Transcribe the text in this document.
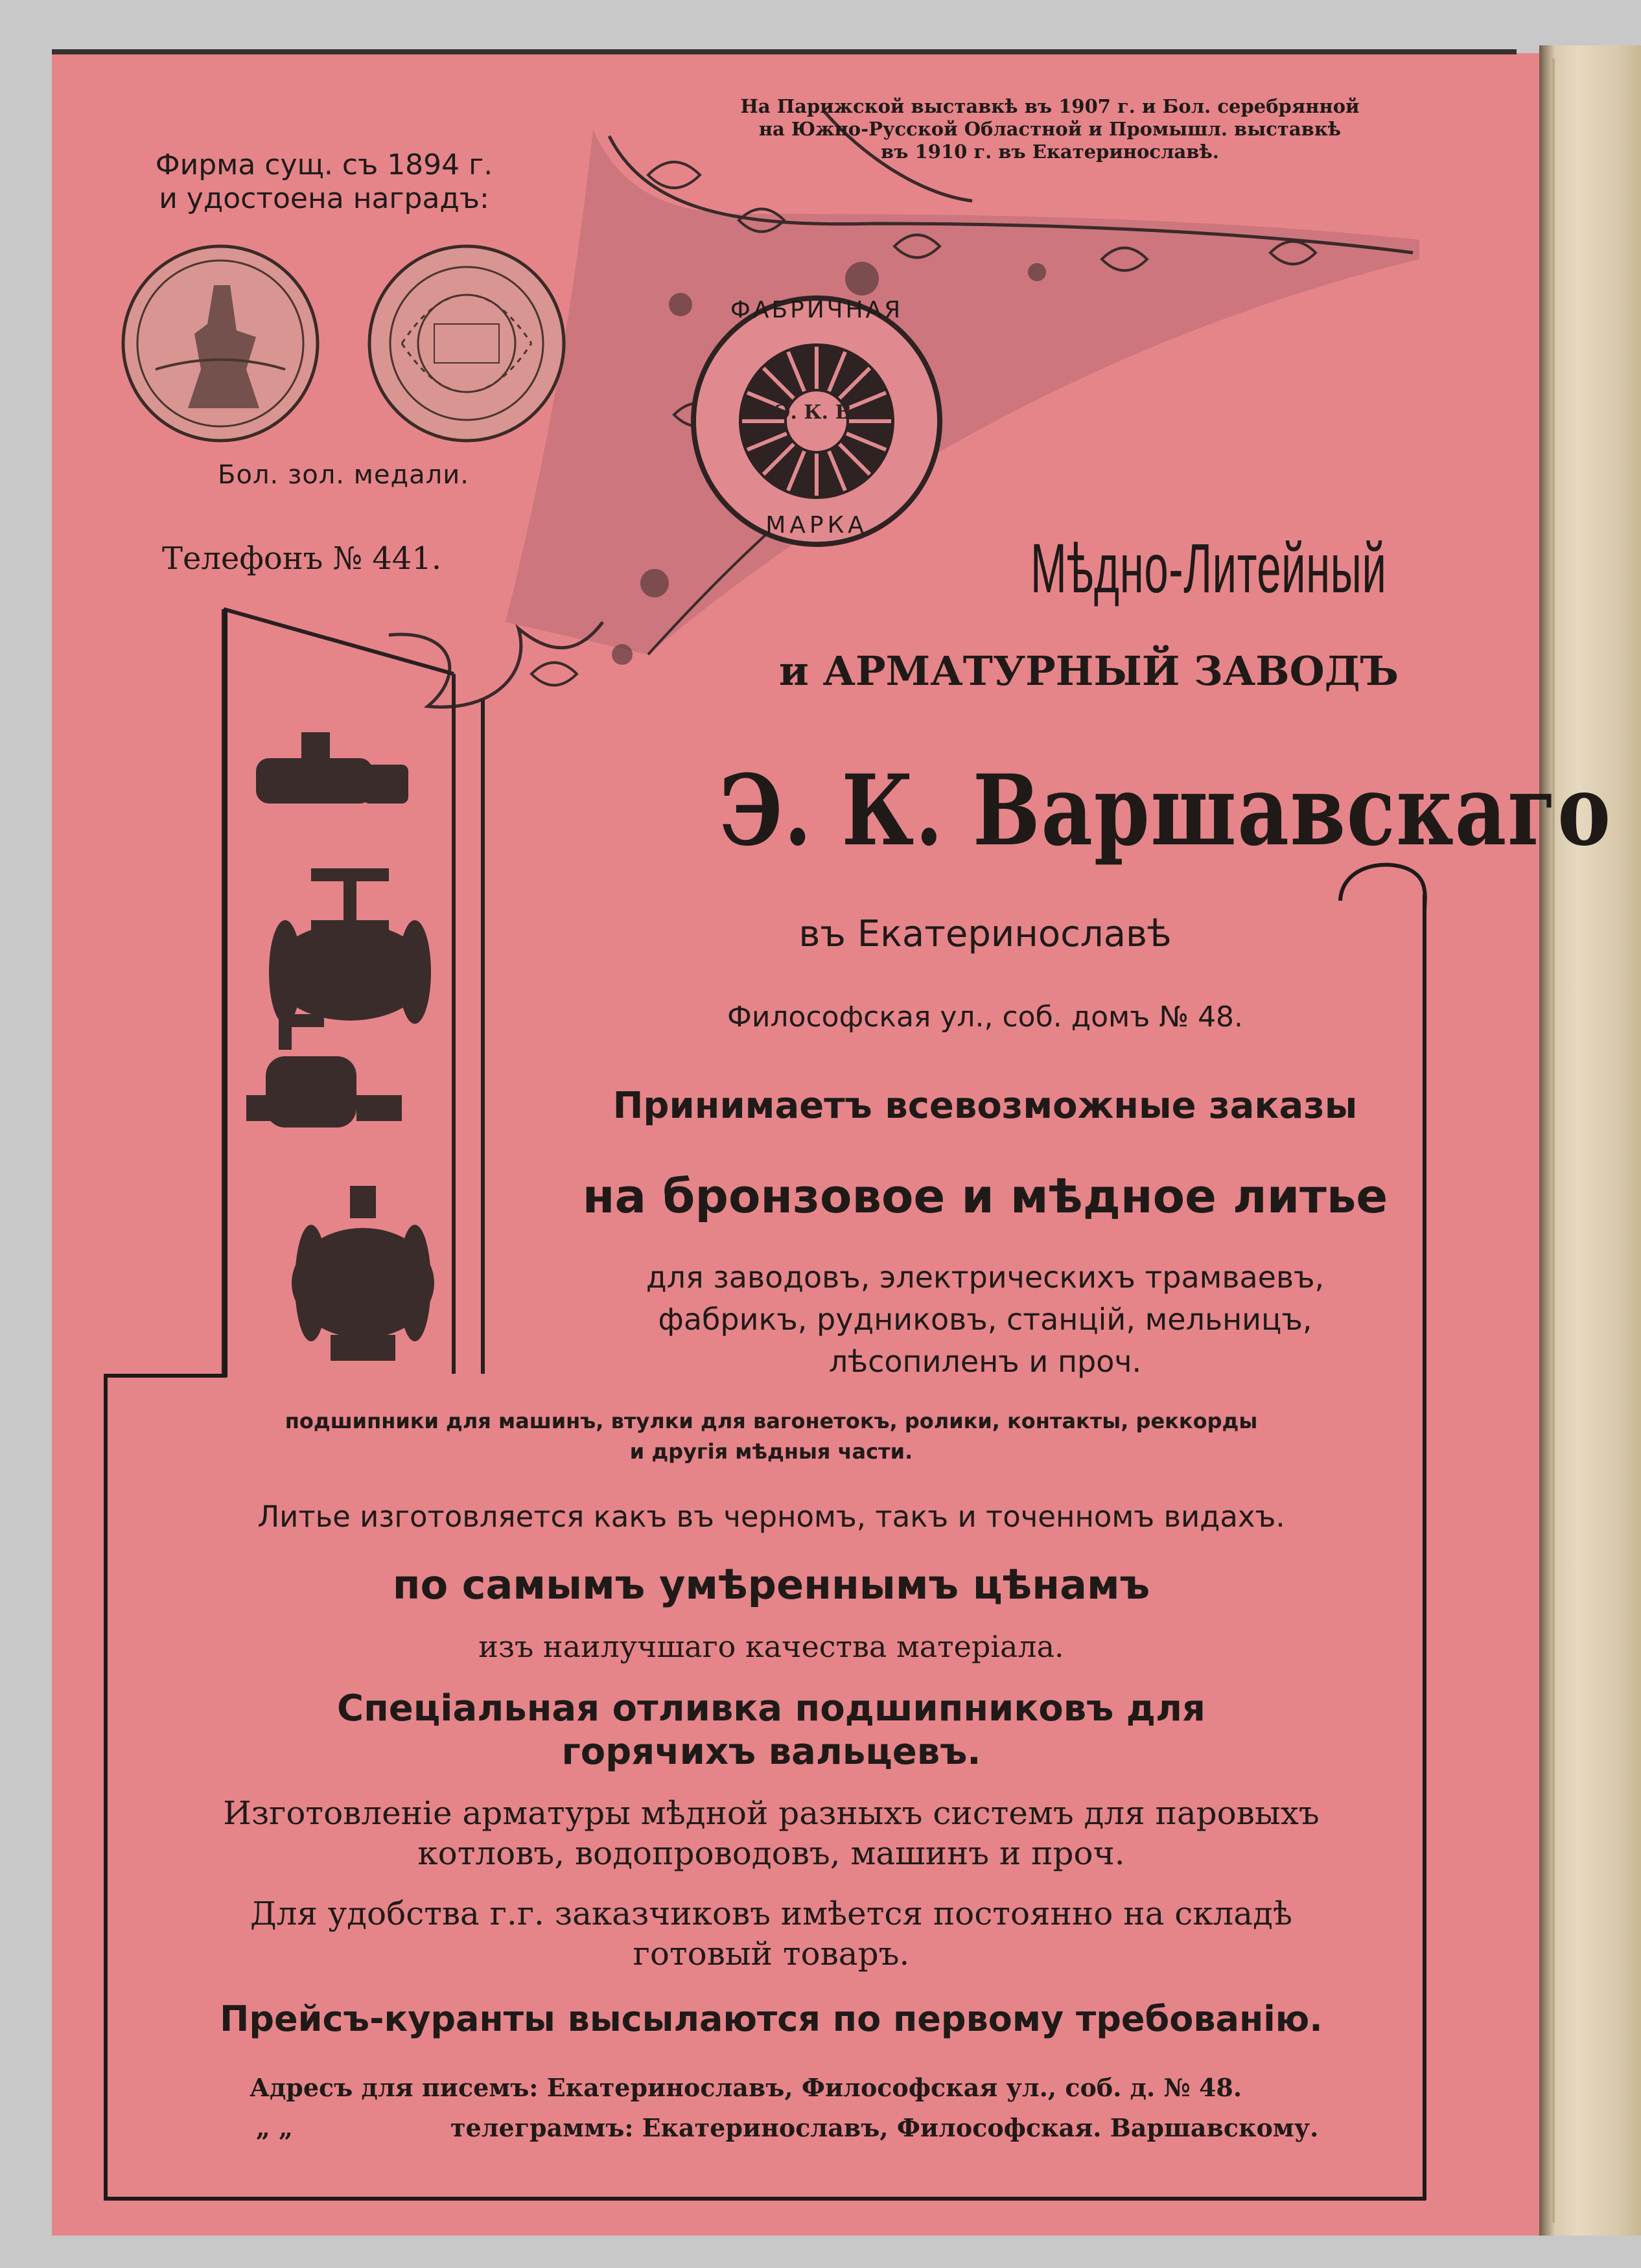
ФАБРИЧНАЯ
МАРКА
Э. К. В.
Фирма сущ. съ 1894 г.
и удостоена наградъ:
Бол. зол. медали.
Телефонъ № 441.
На Парижской выставкѣ въ 1907 г. и Бол. серебрянной
на Южно-Русской Областной и Промышл. выставкѣ
въ 1910 г. въ Екатеринославѣ.
Мѣдно-Литейный
и АРМАТУРНЫЙ ЗАВОДЪ
Э. К. Варшавскаго
въ Екатеринославѣ
Философская ул., соб. домъ № 48.
Принимаетъ всевозможные заказы
на бронзовое и мѣдное литье
для заводовъ, электрическихъ трамваевъ,
фабрикъ, рудниковъ, станцій, мельницъ,
лѣсопиленъ и проч.
подшипники для машинъ, втулки для вагонетокъ, ролики, контакты, реккорды
и другія мѣдныя части.
Литье изготовляется какъ въ черномъ, такъ и точенномъ видахъ.
по самымъ умѣреннымъ цѣнамъ
изъ наилучшаго качества матеріала.
Спеціальная отливка подшипниковъ для
горячихъ вальцевъ.
Изготовленіе арматуры мѣдной разныхъ системъ для паровыхъ
котловъ, водопроводовъ, машинъ и проч.
Для удобства г.г. заказчиковъ имѣется постоянно на складѣ
готовый товаръ.
Прейсъ-куранты высылаются по первому требованію.
Адресъ для писемъ: Екатеринославъ, Философская ул., соб. д. № 48.
„ „	телеграммъ: Екатеринославъ, Философская. Варшавскому.
